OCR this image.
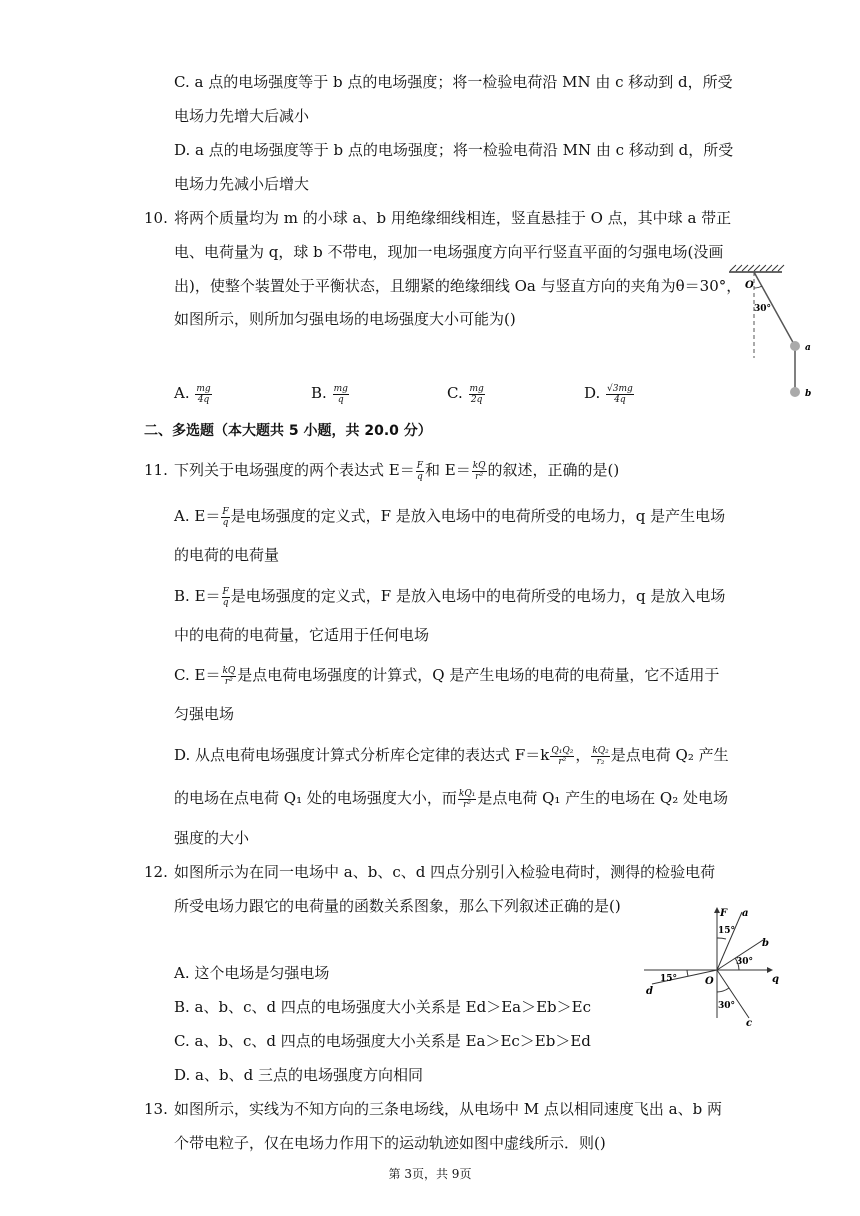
C. a 点的电场强度等于 b 点的电场强度；将一检验电荷沿 MN 由 c 移动到 d，所受
电场力先增大后减小
D. a 点的电场强度等于 b 点的电场强度；将一检验电荷沿 MN 由 c 移动到 d，所受
电场力先减小后增大
10. 将两个质量均为 m 的小球 a、b 用绝缘细线相连，竖直悬挂于 O 点，其中球 a 带正
电、电荷量为 q，球 b 不带电，现加一电场强度方向平行竖直平面的匀强电场(没画
出)，使整个装置处于平衡状态，且绷紧的绝缘细线 Oa 与竖直方向的夹角为θ＝30°，
如图所示，则所加匀强电场的电场强度大小可能为()
A. $\frac{mg}{4q}$	B. $\frac{mg}{q}$	C. $\frac{mg}{2q}$	D. $\frac{√3mg}{4q}$
O
30°
a
b
二、多选题（本大题共 5 小题，共 20.0 分）
11. 下列关于电场强度的两个表达式 $E= \frac{F}{q}$ 和 $E= \frac{kQ}{\text{r²}}$ 的叙述，正确的是()
A. $E= \frac{F}{q}$ 是电场强度的定义式，F 是放入电场中的电荷所受的电场力，q 是产生电场
的电荷的电荷量
B. $E= \frac{F}{q}$ 是电场强度的定义式，F 是放入电场中的电荷所受的电场力，q 是放入电场
中的电荷的电荷量，它适用于任何电场
C. $E= \frac{kQ}{\text{r²}}$ 是点电荷电场强度的计算式，Q 是产生电场的电荷的电荷量，它不适用于
匀强电场
D. 从点电荷电场强度计算式分析库仑定律的表达式 $F=k \frac{\text{Q₁Q₂}}{\text{r²}}$ ， $\frac{\text{kQ₂}}{\text{r₂}}$ 是点电荷 Q₂ 产生
的电场在点电荷 Q₁ 处的电场强度大小，而 $\frac{\text{kQ₁}}{\text{r²}}$ 是点电荷 Q₁ 产生的电场在 Q₂ 处电场
强度的大小
12. 如图所示为在同一电场中 a、b、c、d 四点分别引入检验电荷时，测得的检验电荷
所受电场力跟它的电荷量的函数关系图象，那么下列叙述正确的是()
A. 这个电场是匀强电场
B. a、b、c、d 四点的电场强度大小关系是 Ed＞Ea＞Eb＞Ec
C. a、b、c、d 四点的电场强度大小关系是 Ea＞Ec＞Eb＞Ed
D. a、b、d 三点的电场强度方向相同
F
q
O
a
b
c
d
15°
30°
30°
15°
13. 如图所示，实线为不知方向的三条电场线，从电场中 M 点以相同速度飞出 a、b 两
个带电粒子，仅在电场力作用下的运动轨迹如图中虚线所示．则()
第 3页，共 9页
